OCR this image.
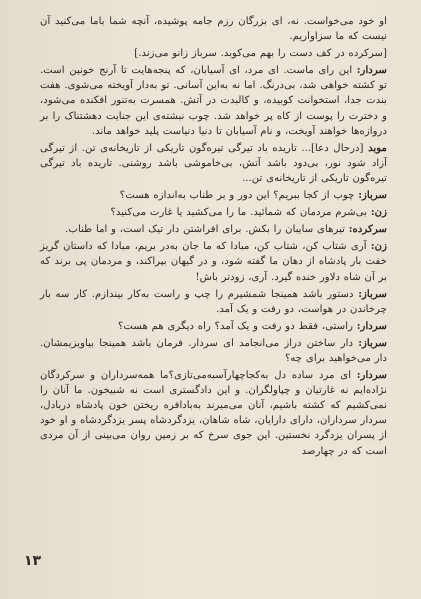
او خود می‌خواست. نه، ای بزرگان رزم جامه پوشیده، آنچه شما باما می‌کنید آن نیست که ما سزاواریم.

[سرکرده در کف دست را بهم می‌کوبد. سرباز زانو می‌زند.]

سردار: این رای ماست. ای مرد، ای آسیابان، که پنجه‌هایت تا آرنج خونین است. تو کشته خواهی شد، بی‌درنگ. اما نه به‌این آسانی. تو به‌دار آویخته می‌شوی. هفت بندت جدا، استخوانت کوبیده، و کالبدت در آتش. همسرت به‌تنور افکنده می‌شود، و دخترت را پوست از کاه پر خواهد شد. چوب نبشته‌ی این جنایت دهشتناک را بر دروازه‌ها خواهند آویخت، و نام آسیابان تا دنیا دنیاست پلید خواهد ماند.

موبد [درحال دعا]... تاریده باد تیرگی تیره‌گون تاریکی از تاریخانه‌ی تن. از تیرگی آزاد شود نور، بی‌دود باشد آتش، بی‌خاموشی باشد روشنی. تاریده باد تیرگی تیره‌گون تاریکی از تاریخانه‌ی تن...

سرباز: چوب از کجا ببریم؟ این دور و بر طناب به‌اندازه هست؟

زن: بی‌شرم مردمان که شمائید. ما را می‌کشید یا غارت می‌کنید؟

سرکرده: تیرهای سایبان را بکش. برای افراشتن دار تیک است، و اما طناب.

زن: آری شتاب کن، شتاب کن، مبادا که ما جان به‌در بریم، مبادا که داستان گریز خفت بار پادشاه از دهان ما گفته شود، و در گیهان بپراکند، و مردمان پی برند که بر آن شاه دلاور خنده گیرد. آری، زودتر باش!

سرباز: دستور باشد همینجا شمشیرم را چپ و راست به‌کار بیندازم. کار سه بار چرخاندن در هواست، دو رفت و یک آمد.

سردار: راستی، فقط دو رفت و یک آمد؟ راه دیگری هم هست؟

سرباز: دار ساختن دراز می‌انجامد ای سردار. فرمان باشد همینجا بیاویزیمشان. دار می‌خواهید برای چه؟

سردار: ای مرد ساده دل به‌کجاچهارآسبه‌می‌تازی؟ما همه‌سرداران و سرکردگان نژاده‌ایم نه غارتیان و چپاولگران. و این دادگستری است نه شبیخون. ما آنان را نمی‌کشیم که کشته باشیم، آنان می‌میرند به‌بادافره ریختن خون پادشاه دربادل، سردار سرداران، دارای دارایان، شاه شاهان، یزدگردشاه پسر یزدگردشاه و او خود از پسران یزدگرد نخستین. این جوی سرخ که بر زمین روان می‌بینی از آن مردی است که در چهارصد

۱۳
